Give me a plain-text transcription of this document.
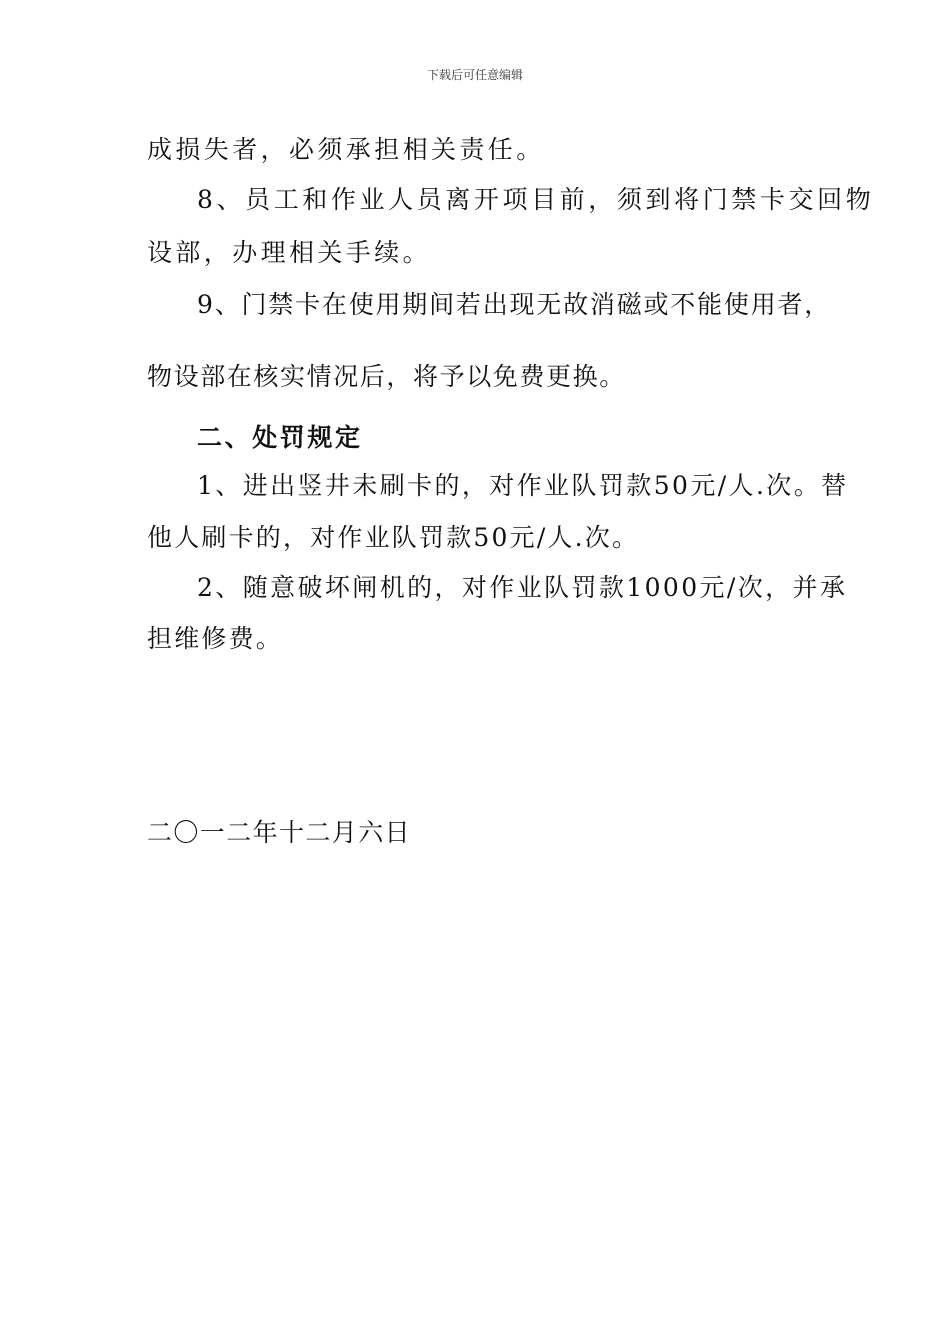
下载后可任意编辑
成损失者，必须承担相关责任。
8、员工和作业人员离开项目前，须到将门禁卡交回物
设部，办理相关手续。
9、门禁卡在使用期间若出现无故消磁或不能使用者，
物设部在核实情况后，将予以免费更换。
二、处罚规定
1、进出竖井未刷卡的，对作业队罚款50元/人.次。替
他人刷卡的，对作业队罚款50元/人.次。
2、随意破坏闸机的，对作业队罚款1000元/次，并承
担维修费。
二〇一二年十二月六日
